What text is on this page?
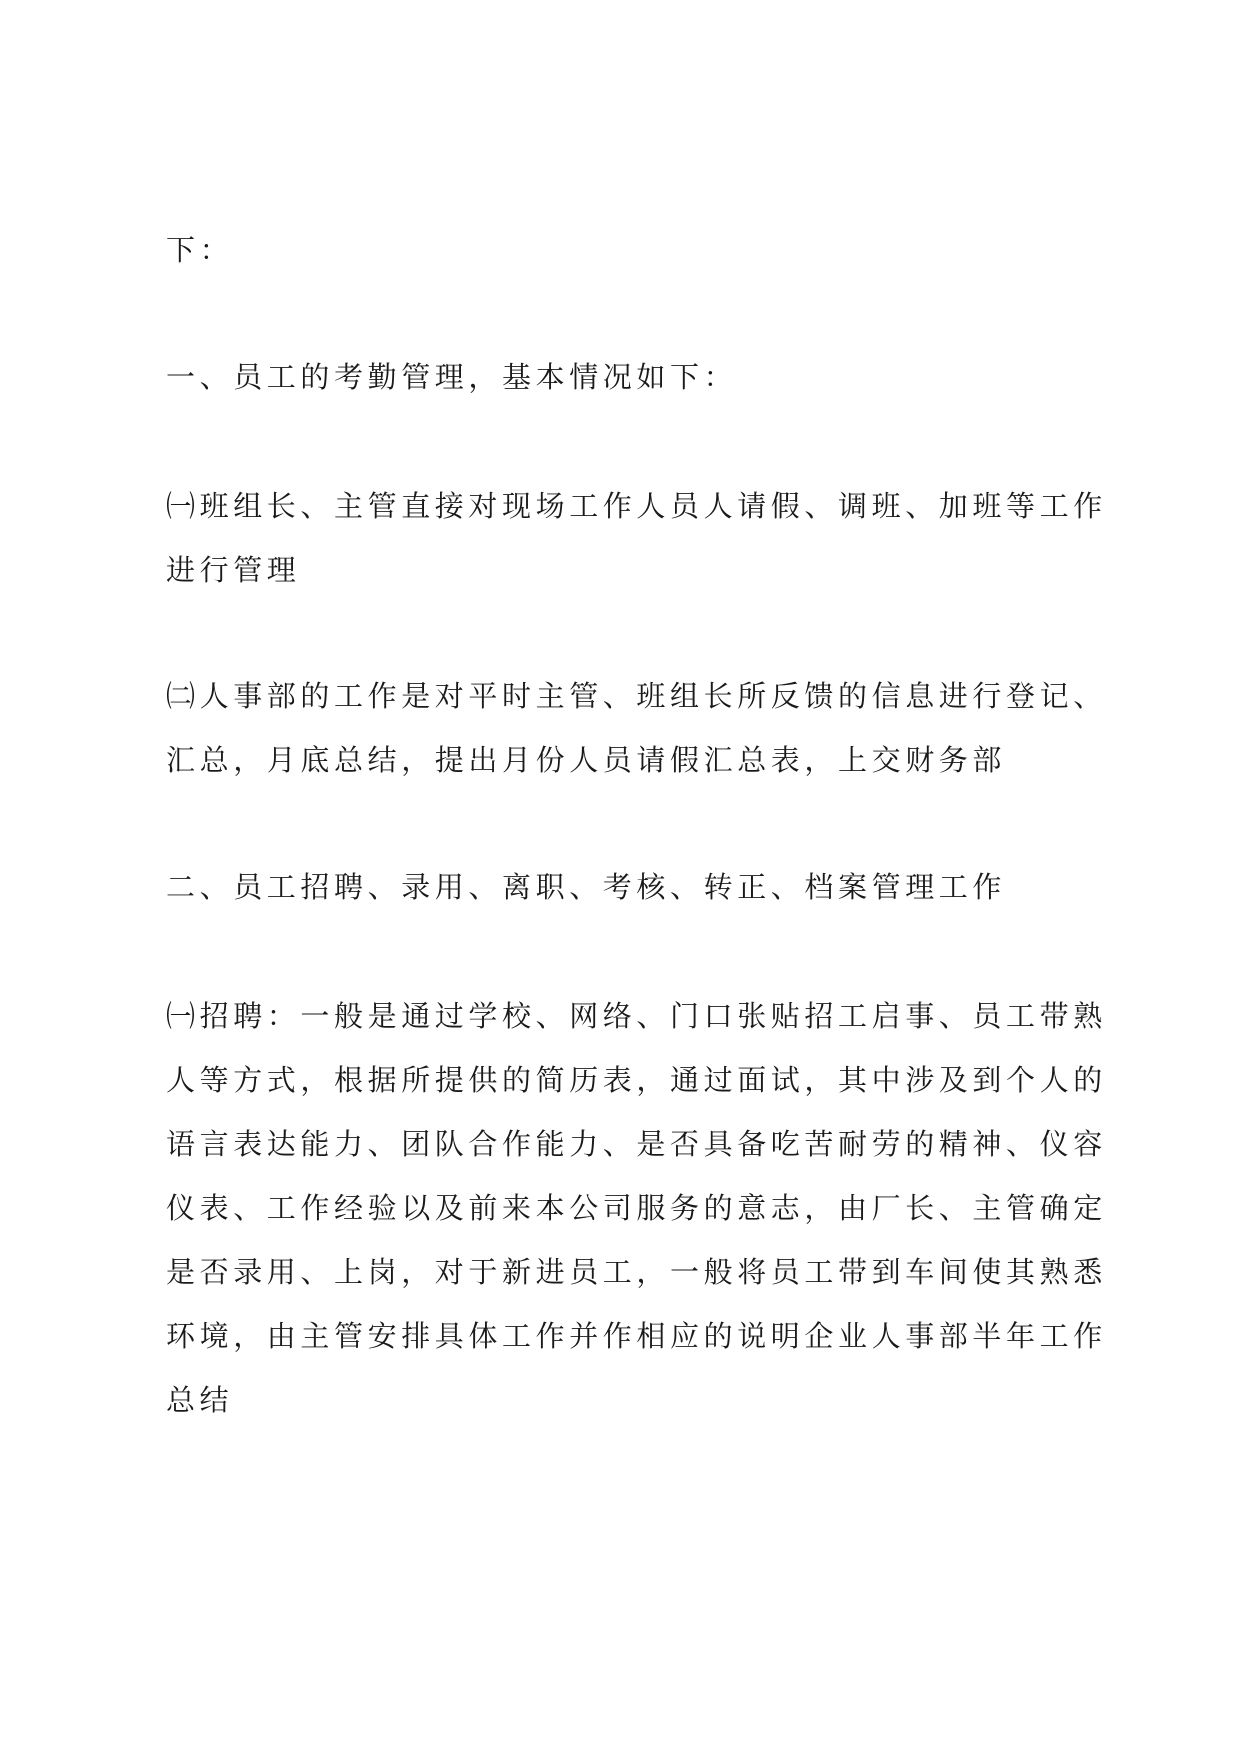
下：

一、员工的考勤管理，基本情况如下：

㈠班组长、主管直接对现场工作人员人请假、调班、加班等工作
进行管理

㈡人事部的工作是对平时主管、班组长所反馈的信息进行登记、
汇总，月底总结，提出月份人员请假汇总表，上交财务部

二、员工招聘、录用、离职、考核、转正、档案管理工作

㈠招聘：一般是通过学校、网络、门口张贴招工启事、员工带熟
人等方式，根据所提供的简历表，通过面试，其中涉及到个人的
语言表达能力、团队合作能力、是否具备吃苦耐劳的精神、仪容
仪表、工作经验以及前来本公司服务的意志，由厂长、主管确定
是否录用、上岗，对于新进员工，一般将员工带到车间使其熟悉
环境，由主管安排具体工作并作相应的说明企业人事部半年工作
总结
